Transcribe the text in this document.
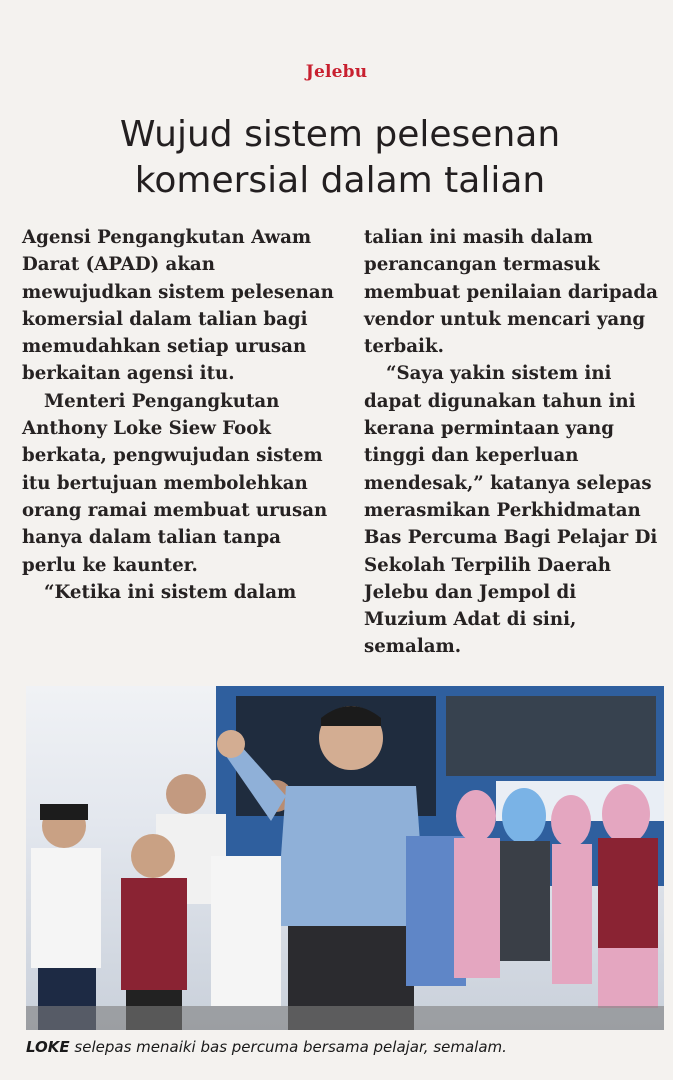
Jelebu
Wujud sistem pelesenan
komersial dalam talian

Agensi Pengangkutan Awam Darat (APAD) akan mewujudkan sistem pelesenan komersial dalam talian bagi memudahkan setiap urusan berkaitan agensi itu.

Menteri Pengangkutan Anthony Loke Siew Fook berkata, pengwujudan sistem itu bertujuan membolehkan orang ramai membuat urusan hanya dalam talian tanpa perlu ke kaunter.

“Ketika ini sistem dalam

talian ini masih dalam perancangan termasuk membuat penilaian daripada vendor untuk mencari yang terbaik.

“Saya yakin sistem ini dapat digunakan tahun ini kerana permintaan yang tinggi dan keperluan mendesak,” katanya selepas merasmikan Perkhidmatan Bas Percuma Bagi Pelajar Di Sekolah Terpilih Daerah Jelebu dan Jempol di Muzium Adat di sini, semalam.

LOKE selepas menaiki bas percuma bersama pelajar, semalam.
